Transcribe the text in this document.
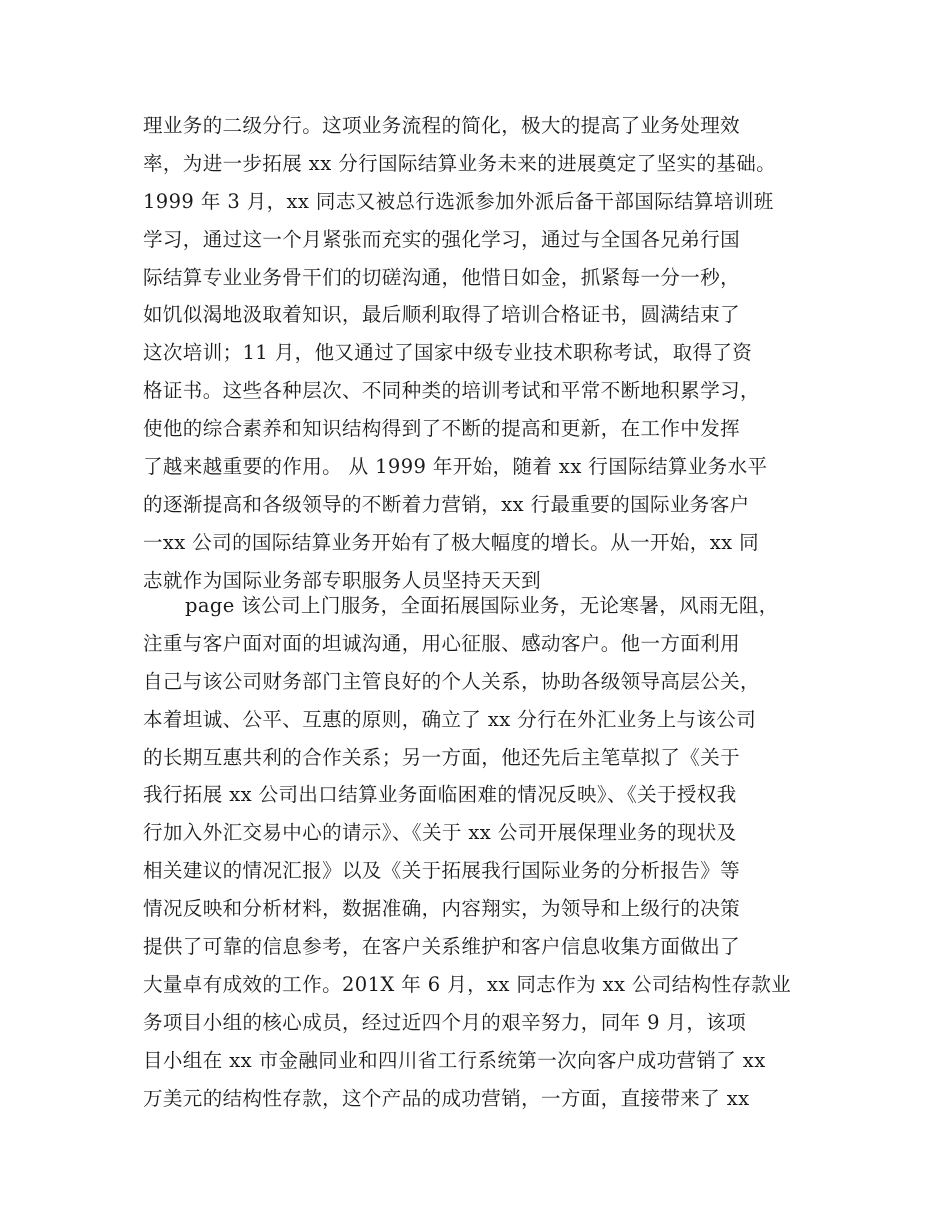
理业务的二级分行。这项业务流程的简化，极大的提高了业务处理效
率，为进一步拓展 xx 分行国际结算业务未来的进展奠定了坚实的基础。
1999 年 3 月，xx 同志又被总行选派参加外派后备干部国际结算培训班
学习，通过这一个月紧张而充实的强化学习，通过与全国各兄弟行国
际结算专业业务骨干们的切磋沟通，他惜日如金，抓紧每一分一秒，
如饥似渴地汲取着知识，最后顺利取得了培训合格证书，圆满结束了
这次培训；11 月，他又通过了国家中级专业技术职称考试，取得了资
格证书。这些各种层次、不同种类的培训考试和平常不断地积累学习，
使他的综合素养和知识结构得到了不断的提高和更新，在工作中发挥
了越来越重要的作用。 从 1999 年开始，随着 xx 行国际结算业务水平
的逐渐提高和各级领导的不断着力营销，xx 行最重要的国际业务客户
一xx 公司的国际结算业务开始有了极大幅度的增长。从一开始，xx 同
志就作为国际业务部专职服务人员坚持天天到
page 该公司上门服务，全面拓展国际业务，无论寒暑，风雨无阻，
注重与客户面对面的坦诚沟通，用心征服、感动客户。他一方面利用
自己与该公司财务部门主管良好的个人关系，协助各级领导高层公关，
本着坦诚、公平、互惠的原则，确立了 xx 分行在外汇业务上与该公司
的长期互惠共利的合作关系；另一方面，他还先后主笔草拟了《关于
我行拓展 xx 公司出口结算业务面临困难的情况反映》、《关于授权我
行加入外汇交易中心的请示》、《关于 xx 公司开展保理业务的现状及
相关建议的情况汇报》以及《关于拓展我行国际业务的分析报告》等
情况反映和分析材料，数据准确，内容翔实，为领导和上级行的决策
提供了可靠的信息参考，在客户关系维护和客户信息收集方面做出了
大量卓有成效的工作。201X 年 6 月，xx 同志作为 xx 公司结构性存款业
务项目小组的核心成员，经过近四个月的艰辛努力，同年 9 月，该项
目小组在 xx 市金融同业和四川省工行系统第一次向客户成功营销了 xx
万美元的结构性存款，这个产品的成功营销，一方面，直接带来了 xx
